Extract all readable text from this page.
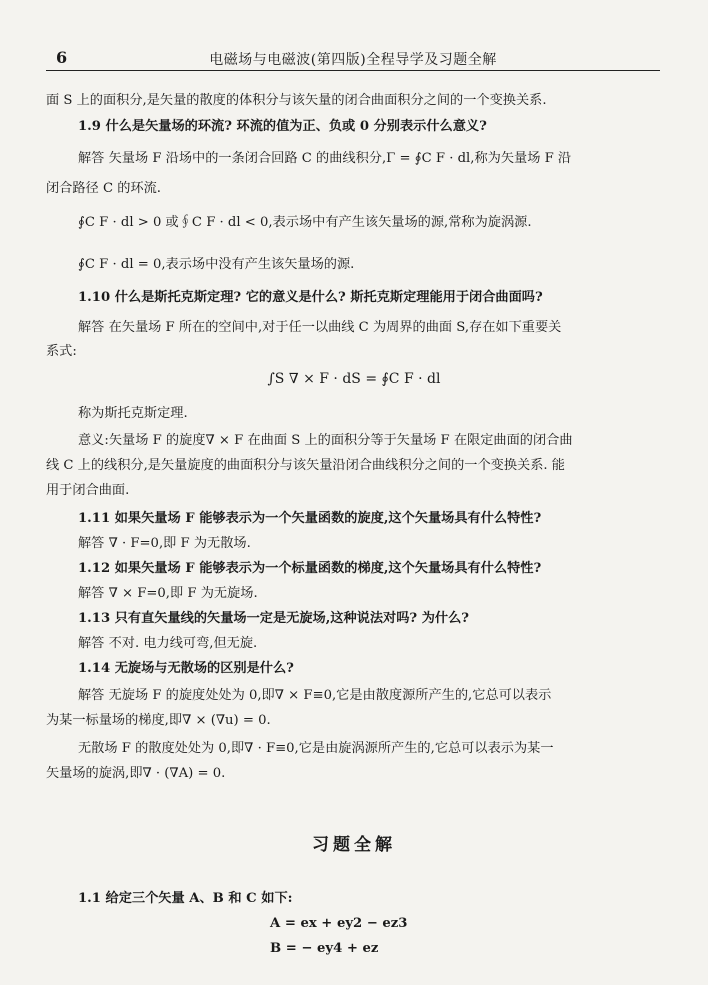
6	电磁场与电磁波(第四版)全程导学及习题全解
面 S 上的面积分,是矢量的散度的体积分与该矢量的闭合曲面积分之间的一个变换关系.
1.9 什么是矢量场的环流? 环流的值为正、负或 0 分别表示什么意义?
解答 矢量场 F 沿场中的一条闭合回路 C 的曲线积分,Γ = ∮C F · dl,称为矢量场 F 沿
闭合路径 C 的环流.
∮C F · dl > 0 或∮C F · dl < 0,表示场中有产生该矢量场的源,常称为旋涡源.
∮C F · dl = 0,表示场中没有产生该矢量场的源.
1.10 什么是斯托克斯定理? 它的意义是什么? 斯托克斯定理能用于闭合曲面吗?
解答 在矢量场 F 所在的空间中,对于任一以曲线 C 为周界的曲面 S,存在如下重要关
系式:
∫S ∇ × F · dS = ∮C F · dl
称为斯托克斯定理.
意义:矢量场 F 的旋度∇ × F 在曲面 S 上的面积分等于矢量场 F 在限定曲面的闭合曲
线 C 上的线积分,是矢量旋度的曲面积分与该矢量沿闭合曲线积分之间的一个变换关系. 能
用于闭合曲面.
1.11 如果矢量场 F 能够表示为一个矢量函数的旋度,这个矢量场具有什么特性?
解答 ∇ · F=0,即 F 为无散场.
1.12 如果矢量场 F 能够表示为一个标量函数的梯度,这个矢量场具有什么特性?
解答 ∇ × F=0,即 F 为无旋场.
1.13 只有直矢量线的矢量场一定是无旋场,这种说法对吗? 为什么?
解答 不对. 电力线可弯,但无旋.
1.14 无旋场与无散场的区别是什么?
解答 无旋场 F 的旋度处处为 0,即∇ × F≡0,它是由散度源所产生的,它总可以表示
为某一标量场的梯度,即∇ × (∇u) = 0.
无散场 F 的散度处处为 0,即∇ · F≡0,它是由旋涡源所产生的,它总可以表示为某一
矢量场的旋涡,即∇ · (∇A) = 0.
习题全解
1.1 给定三个矢量 A、B 和 C 如下:
A = ex + ey2 − ez3
B = − ey4 + ez
